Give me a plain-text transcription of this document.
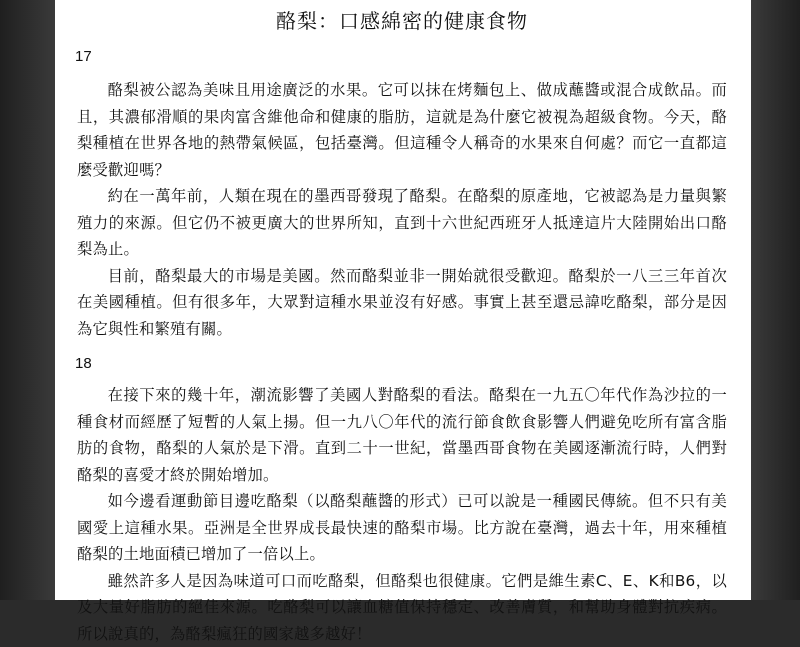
酪梨：口感綿密的健康食物
17

酪梨被公認為美味且用途廣泛的水果。它可以抹在烤麵包上、做成蘸醬或混合成飲品。而且，其濃郁滑順的果肉富含維他命和健康的脂肪，這就是為什麼它被視為超級食物。今天，酪梨種植在世界各地的熱帶氣候區，包括臺灣。但這種令人稱奇的水果來自何處？而它一直都這麼受歡迎嗎？

約在一萬年前，人類在現在的墨西哥發現了酪梨。在酪梨的原產地，它被認為是力量與繁殖力的來源。但它仍不被更廣大的世界所知，直到十六世紀西班牙人抵達這片大陸開始出口酪梨為止。

目前，酪梨最大的市場是美國。然而酪梨並非一開始就很受歡迎。酪梨於一八三三年首次在美國種植。但有很多年，大眾對這種水果並沒有好感。事實上甚至還忌諱吃酪梨，部分是因為它與性和繁殖有關。

18

在接下來的幾十年，潮流影響了美國人對酪梨的看法。酪梨在一九五〇年代作為沙拉的一種食材而經歷了短暫的人氣上揚。但一九八〇年代的流行節食飲食影響人們避免吃所有富含脂肪的食物，酪梨的人氣於是下滑。直到二十一世紀，當墨西哥食物在美國逐漸流行時，人們對酪梨的喜愛才終於開始增加。

如今邊看運動節目邊吃酪梨（以酪梨蘸醬的形式）已可以說是一種國民傳統。但不只有美國愛上這種水果。亞洲是全世界成長最快速的酪梨市場。比方說在臺灣，過去十年，用來種植酪梨的土地面積已增加了一倍以上。

雖然許多人是因為味道可口而吃酪梨，但酪梨也很健康。它們是維生素C、E、K和B6，以及大量好脂肪的絕佳來源。吃酪梨可以讓血糖值保持穩定、改善膚質，和幫助身體對抗疾病。所以說真的，為酪梨瘋狂的國家越多越好！
